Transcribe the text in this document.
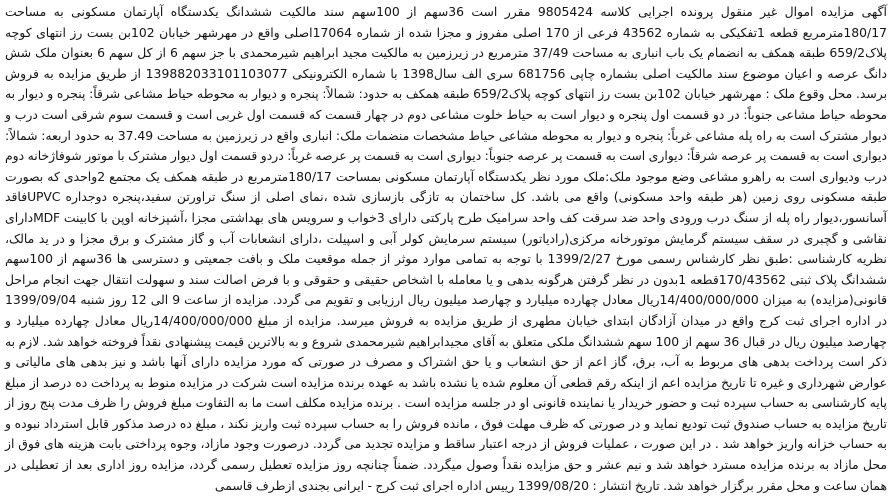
آگهی مزایده اموال غیر منقول پرونده اجرایی کلاسه 9805424 مقرر است 36سهم از 100سهم سند مالکیت ششدانگ یکدستگاه آپارتمان مسکونی به مساحت 180/17مترمربع قطعه 1تفکیکی به شماره 43562 فرعی از 170 اصلی مفروز و مجزا شده از شماره 17064اصلی واقع در مهرشهر خیابان 102بن بست رز انتهای کوچه پلاک659/2 طبقه همکف به انضمام یک باب انباری به مساحت 37/49 مترمربع در زیرزمین به مالکیت مجید ابراهیم شیرمحمدی با جز سهم 6 از کل سهم 6 بعنوان ملک شش دانگ عرصه و اعیان موضوع سند مالکیت اصلی بشماره چاپی 681756 سری الف سال1398 با شماره الکترونیکی 139882033101103077 از طریق مزایده به فروش برسد. محل وقوع ملک : مهرشهر خیابان 102بن بست رز انتهای کوچه پلاک659/2 طبقه همکف به حدود: شمالاً: پنجره و دیوار به محوطه حیاط مشاعی شرقاً: پنجره و دیوار به محوطه حیاط مشاعی جنوباً: در دو قسمت اول پنجره و دیوار است به حیاط خلوت مشاعی دوم در چهار قسمت که قسمت اول غربی است و قسمت سوم شرقی است درب و دیوار مشترک است به راه پله مشاعی غرباً: پنجره و دیوار به محوطه مشاعی حیاط مشخصات منضمات ملک: انباری واقع در زیرزمین به مساحت 37.49 به حدود اربعه: شمالاً: دیواری است به قسمت پر عرصه شرقاً: دیواری است به قسمت پر عرصه جنوباً: دیواری است به قسمت پر عرصه غرباً: دردو قسمت اول دیوار مشترک با موتور شوفاژخانه دوم درب ودیواری است به راهرو مشاعی وضع موجود ملک:ملک مورد نظر یکدستگاه آپارتمان مسکونی بمساحت 180/17مترمربع در طبقه همکف یک مجتمع 2واحدی که بصورت طبقه مسکونی روی زمین (هر طبقه واحد مسکونی) واقع می باشد. کل ساختمان به تازگی بازسازی شده ،نمای اصلی از سنگ تراورتن سفید،پنجره دوجداره UPVCفاقد آسانسور،دیوار راه پله از سنگ درب ورودی واحد ضد سرقت کف واحد سرامیک طرح پارکتی دارای 3خواب و سرویس های بهداشتی مجزا ،آشپزخانه اوپن با کابینت MDFدارای نقاشی و گچبری در سقف سیستم گرمایش موتورخانه مرکزی(رادیاتور) سیستم سرمایش کولر آبی و اسپیلت ،دارای انشعابات آب و گاز مشترک و برق مجزا و در ید مالک، نظریه کارشناسی :طبق نظر کارشناس رسمی مورخ 1399/2/27 با توجه به تمامی موارد موثر از جمله موقعیت ملک و بافت جمعیتی و دسترسی ها 36سهم از 100سهم ششدانگ پلاک ثبتی 170/43562قطعه 1بدون در نظر گرفتن هرگونه بدهی و یا معامله با اشخاص حقیقی و حقوقی و با فرض اصالت سند و سهولت انتقال جهت انجام مراحل قانونی(مزایده) به میزان 14/400/000/000ریال معادل چهارده میلیارد و چهارصد میلیون ریال ارزیابی و تقویم می گردد. مزایده از ساعت 9 الی 12 روز شنبه 1399/09/04 در اداره اجرای ثبت کرج واقع در میدان آزادگان ابتدای خیابان مطهری از طریق مزایده به فروش میرسد. مزایده از مبلغ 14/400/000/000ریال معادل چهارده میلیارد و چهارصد میلیون ریال در قبال 36 سهم از 100 سهم ششدانگ ملکی متعلق به آقای مجیدابراهیم شیرمحمدی شروع و به بالاترین قیمت پیشنهادی نقداً فروخته خواهد شد. لازم به ذکر است پرداخت بدهی های مربوط به آب، برق، گاز اعم از حق انشعاب و یا حق اشتراک و مصرف در صورتی که مورد مزایده دارای آنها باشد و نیز بدهی های مالیاتی و عوارض شهرداری و غیره تا تاریخ مزایده اعم از اینکه رقم قطعی آن معلوم شده یا نشده باشد به عهده برنده مزایده است شرکت در مزایده منوط به پرداخت ده درصد از مبلغ پایه کارشناسی به حساب سپرده ثبت و حضور خریدار یا نماینده قانونی او در جلسه مزایده است . برنده مزایده مکلف است ما به التفاوت مبلغ فروش را ظرف مدت پنج روز از تاریخ مزایده به حساب صندوق ثبت تودیع نماید و در صورتی که ظرف مهلت فوق ، مانده فروش را به حساب سپرده ثبت واریز نکند ، مبلغ ده درصد مذکور قابل استرداد نبوده و به حساب خزانه واریز خواهد شد . در این صورت ، عملیات فروش از درجه اعتبار ساقط و مزایده تجدید می گردد. درصورت وجود مازاد، وجوه پرداختی بابت هزینه های فوق از محل مازاد به برنده مزایده مسترد خواهد شد و نیم عشر و حق مزایده نقداً وصول میگردد. ضمناً چنانچه روز مزایده تعطیل رسمی گردد، مزایده روز اداری بعد از تعطیلی در همان ساعت و محل مقرر برگزار خواهد شد. تاریخ انتشار : 1399/08/20 رییس اداره اجرای ثبت کرج - ایرانی بجندی ازطرف قاسمی
